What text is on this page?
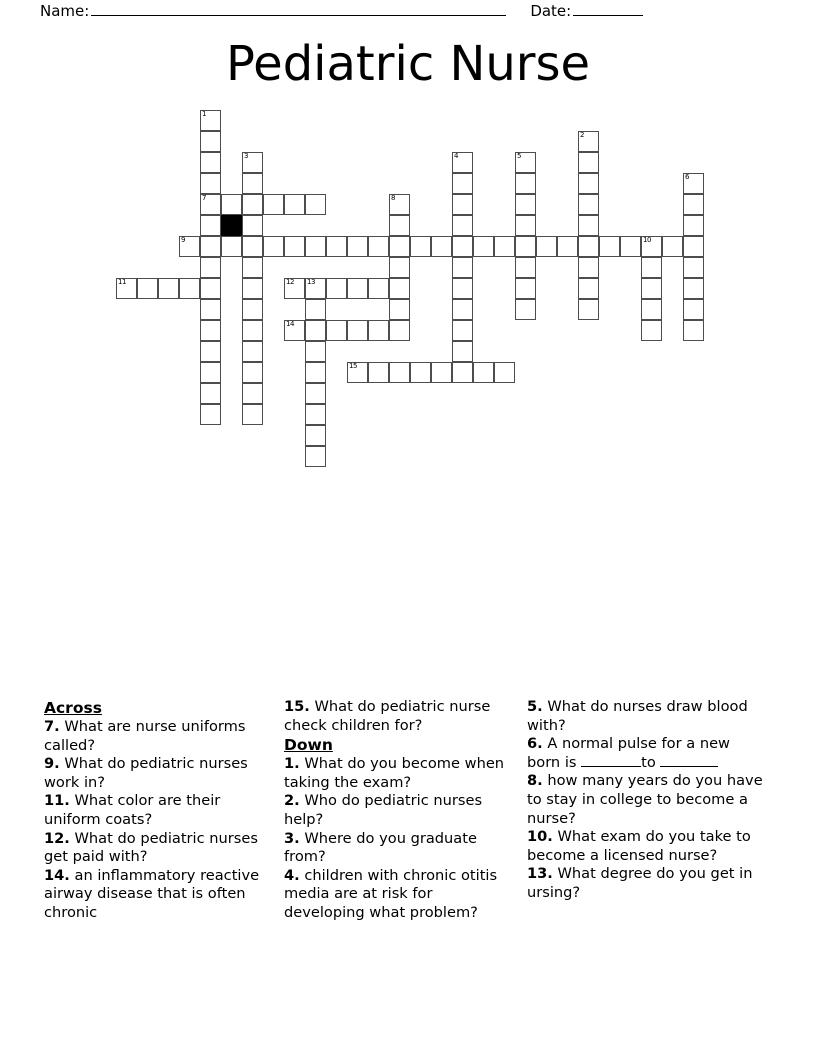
Name:	Date:
Pediatric Nurse
1
7
2
3	4	5
6
8
9	10
11	12 13
14
15
Across
7. What are nurse uniforms called?
9. What do pediatric nurses work in?
11. What color are their uniform coats?
12. What do pediatric nurses get paid with?
14. an inflammatory reactive airway disease that is often chronic
15. What do pediatric nurse check children for?
Down
1. What do you become when taking the exam?
2. Who do pediatric nurses help?
3. Where do you graduate from?
4. children with chronic otitis media are at risk for developing what problem?
5. What do nurses draw blood with?
6. A normal pulse for a new born is	to
8. how many years do you have to stay in college to become a nurse?
10. What exam do you take to become a licensed nurse?
13. What degree do you get in ursing?
